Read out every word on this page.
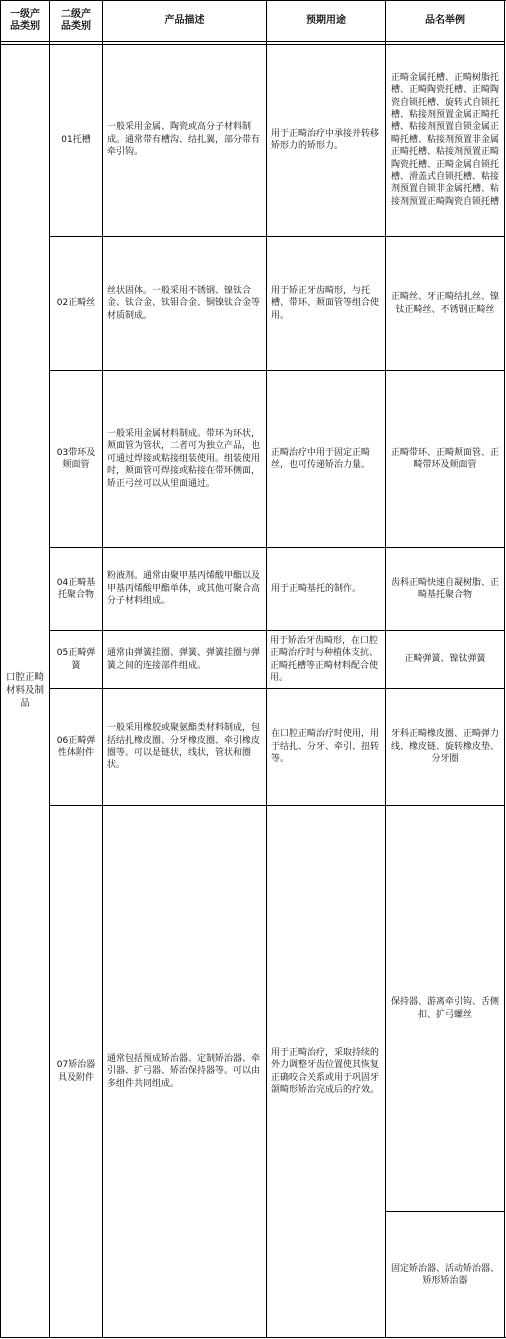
一级产
品类别
二级产
品类别
产品描述	预期用途	品名举例
口腔正畸
材料及制
品
01托槽
一般采用金属、陶瓷或高分子材料制成。通常带有槽沟、结扎翼，部分带有牵引钩。
用于正畸治疗中承接并转移矫形力的矫形力。
正畸金属托槽、正畸树脂托槽、正畸陶瓷托槽、正畸陶瓷自锁托槽、旋转式自锁托槽、粘接剂预置金属正畸托槽、粘接剂预置自锁金属正畸托槽、粘接剂预置非金属正畸托槽、粘接剂预置正畸陶瓷托槽、正畸金属自锁托槽、滑盖式自锁托槽、粘接剂预置自锁非金属托槽、粘接剂预置正畸陶瓷自锁托槽
02正畸丝
丝状固体。一般采用不锈钢、镍钛合金、钛合金、钛钼合金、铜镍钛合金等材质制成。
用于矫正牙齿畸形，与托槽、带环、颊面管等组合使用。
正畸丝、牙正畸结扎丝、镍钛正畸丝、不锈钢正畸丝
03带环及
颊面管
一般采用金属材料制成。带环为环状，颊面管为管状，二者可为独立产品，也可通过焊接或粘接组装使用。组装使用时，颊面管可焊接或粘接在带环侧面，矫正弓丝可以从里面通过。
正畸治疗中用于固定正畸丝，也可传递矫治力量。
正畸带环、正畸颊面管、正畸带环及颊面管
04正畸基
托聚合物
粉液剂。通常由聚甲基丙烯酸甲酯以及甲基丙烯酸甲酯单体，或其他可聚合高分子材料组成。
用于正畸基托的制作。
齿科正畸快速自凝树脂、正畸基托聚合物
05正畸弹
簧
通常由弹簧挂圈、弹簧、弹簧挂圈与弹簧之间的连接部件组成。
用于矫治牙齿畸形，在口腔正畸治疗时与种植体支抗、正畸托槽等正畸材料配合使用。
正畸弹簧、镍钛弹簧
06正畸弹
性体附件
一般采用橡胶或聚氨酯类材料制成，包括结扎橡皮圈、分牙橡皮圈、牵引橡皮圈等。可以是链状，线状，管状和圈状。
在口腔正畸治疗时使用，用于结扎、分牙、牵引、扭转等。
牙科正畸橡皮圈、正畸弹力线、橡皮链、旋转橡皮垫、分牙圈
07矫治器
具及附件
通常包括预成矫治器、定制矫治器、牵引器、扩弓器、矫治保持器等。可以由多组件共同组成。
用于正畸治疗，采取持续的外力调整牙齿位置使其恢复正确咬合关系或用于巩固牙颌畸形矫治完成后的疗效。
保持器、游离牵引钩、舌侧扣、扩弓螺丝
固定矫治器、活动矫治器、矫形矫治器
